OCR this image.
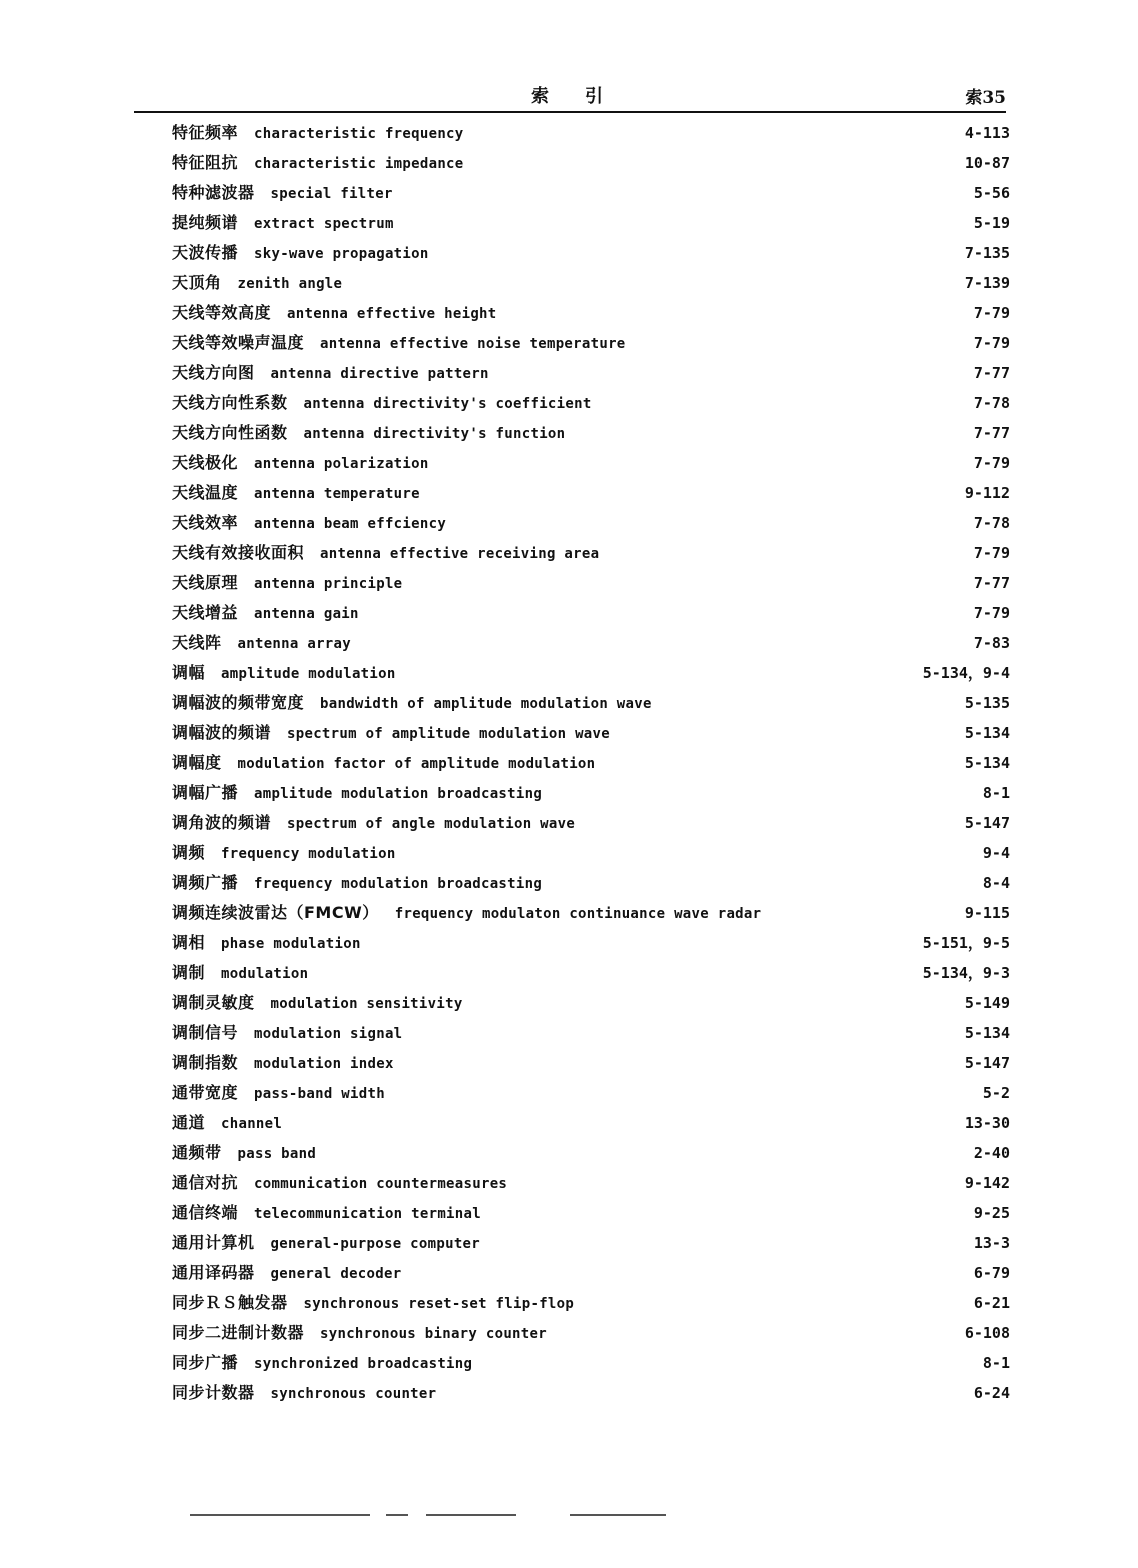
索　　引	索35
特征频率 characteristic frequency	4-113
特征阻抗 characteristic impedance	10-87
特种滤波器 special filter	5-56
提纯频谱 extract spectrum	5-19
天波传播 sky-wave propagation	7-135
天顶角 zenith angle	7-139
天线等效高度 antenna effective height	7-79
天线等效噪声温度 antenna effective noise temperature	7-79
天线方向图 antenna directive pattern	7-77
天线方向性系数 antenna directivity's coefficient	7-78
天线方向性函数 antenna directivity's function	7-77
天线极化 antenna polarization	7-79
天线温度 antenna temperature	9-112
天线效率 antenna beam effciency	7-78
天线有效接收面积 antenna effective receiving area	7-79
天线原理 antenna principle	7-77
天线增益 antenna gain	7-79
天线阵 antenna array	7-83
调幅 amplitude modulation	5-134，9-4
调幅波的频带宽度 bandwidth of amplitude modulation wave	5-135
调幅波的频谱 spectrum of amplitude modulation wave	5-134
调幅度 modulation factor of amplitude modulation	5-134
调幅广播 amplitude modulation broadcasting	8-1
调角波的频谱 spectrum of angle modulation wave	5-147
调频 frequency modulation	9-4
调频广播 frequency modulation broadcasting	8-4
调频连续波雷达（FMCW） frequency modulaton continuance wave radar	9-115
调相 phase modulation	5-151，9-5
调制 modulation	5-134，9-3
调制灵敏度 modulation sensitivity	5-149
调制信号 modulation signal	5-134
调制指数 modulation index	5-147
通带宽度 pass-band width	5-2
通道 channel	13-30
通频带 pass band	2-40
通信对抗 communication countermeasures	9-142
通信终端 telecommunication terminal	9-25
通用计算机 general-purpose computer	13-3
通用译码器 general decoder	6-79
同步ＲＳ触发器 synchronous reset-set flip-flop	6-21
同步二进制计数器 synchronous binary counter	6-108
同步广播 synchronized broadcasting	8-1
同步计数器 synchronous counter	6-24
